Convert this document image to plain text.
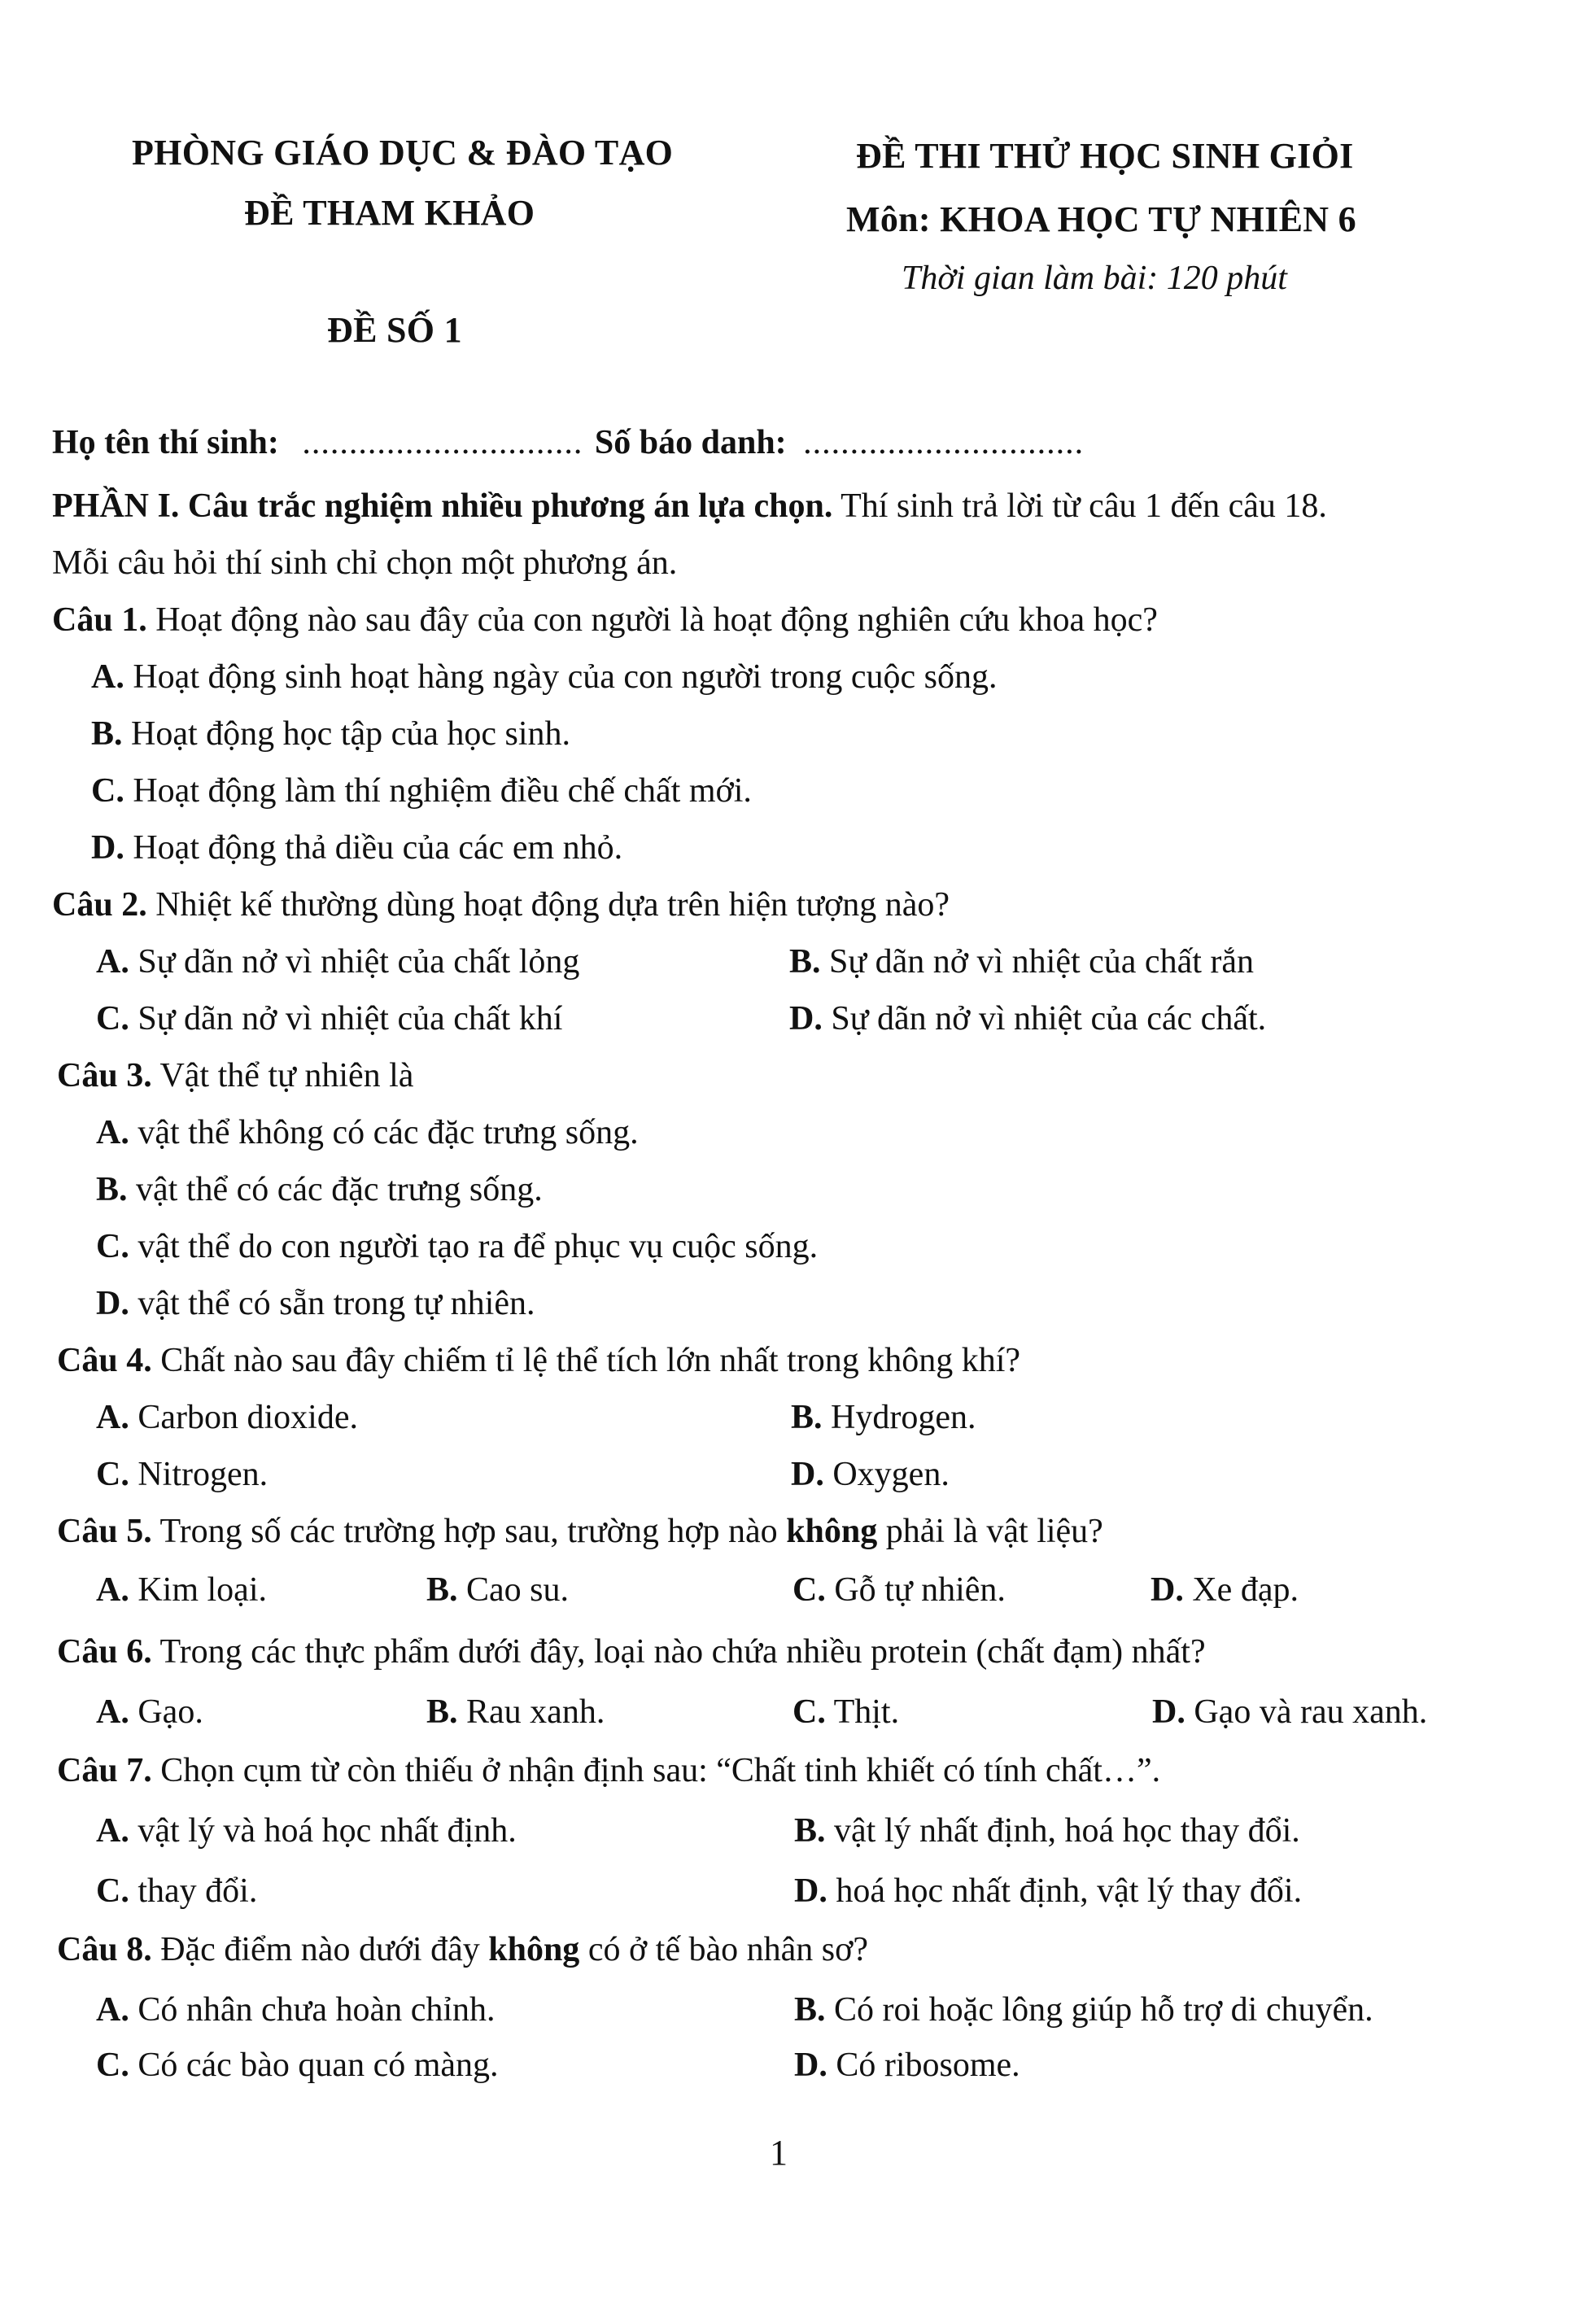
PHÒNG GIÁO DỤC & ĐÀO TẠO
ĐỀ THAM KHẢO
ĐỀ SỐ 1
ĐỀ THI THỬ HỌC SINH GIỎI
Môn: KHOA HỌC TỰ NHIÊN 6
Thời gian làm bài: 120 phút
Họ tên thí sinh: .............................. Số báo danh: ..............................
PHẦN I. Câu trắc nghiệm nhiều phương án lựa chọn. Thí sinh trả lời từ câu 1 đến câu 18.
Mỗi câu hỏi thí sinh chỉ chọn một phương án.
Câu 1. Hoạt động nào sau đây của con người là hoạt động nghiên cứu khoa học?
A. Hoạt động sinh hoạt hàng ngày của con người trong cuộc sống.
B. Hoạt động học tập của học sinh.
C. Hoạt động làm thí nghiệm điều chế chất mới.
D. Hoạt động thả diều của các em nhỏ.
Câu 2. Nhiệt kế thường dùng hoạt động dựa trên hiện tượng nào?
A. Sự dãn nở vì nhiệt của chất lỏng	B. Sự dãn nở vì nhiệt của chất rắn
C. Sự dãn nở vì nhiệt của chất khí	D. Sự dãn nở vì nhiệt của các chất.
Câu 3. Vật thể tự nhiên là
A. vật thể không có các đặc trưng sống.
B. vật thể có các đặc trưng sống.
C. vật thể do con người tạo ra để phục vụ cuộc sống.
D. vật thể có sẵn trong tự nhiên.
Câu 4. Chất nào sau đây chiếm tỉ lệ thể tích lớn nhất trong không khí?
A. Carbon dioxide.	B. Hydrogen.
C. Nitrogen.	D. Oxygen.
Câu 5. Trong số các trường hợp sau, trường hợp nào không phải là vật liệu?
A. Kim loại.	B. Cao su.	C. Gỗ tự nhiên.	D. Xe đạp.
Câu 6. Trong các thực phẩm dưới đây, loại nào chứa nhiều protein (chất đạm) nhất?
A. Gạo.	B. Rau xanh.	C. Thịt.	D. Gạo và rau xanh.
Câu 7. Chọn cụm từ còn thiếu ở nhận định sau: “Chất tinh khiết có tính chất…”.
A. vật lý và hoá học nhất định.	B. vật lý nhất định, hoá học thay đổi.
C. thay đổi.	D. hoá học nhất định, vật lý thay đổi.
Câu 8. Đặc điểm nào dưới đây không có ở tế bào nhân sơ?
A. Có nhân chưa hoàn chỉnh.	B. Có roi hoặc lông giúp hỗ trợ di chuyển.
C. Có các bào quan có màng.	D. Có ribosome.
1
